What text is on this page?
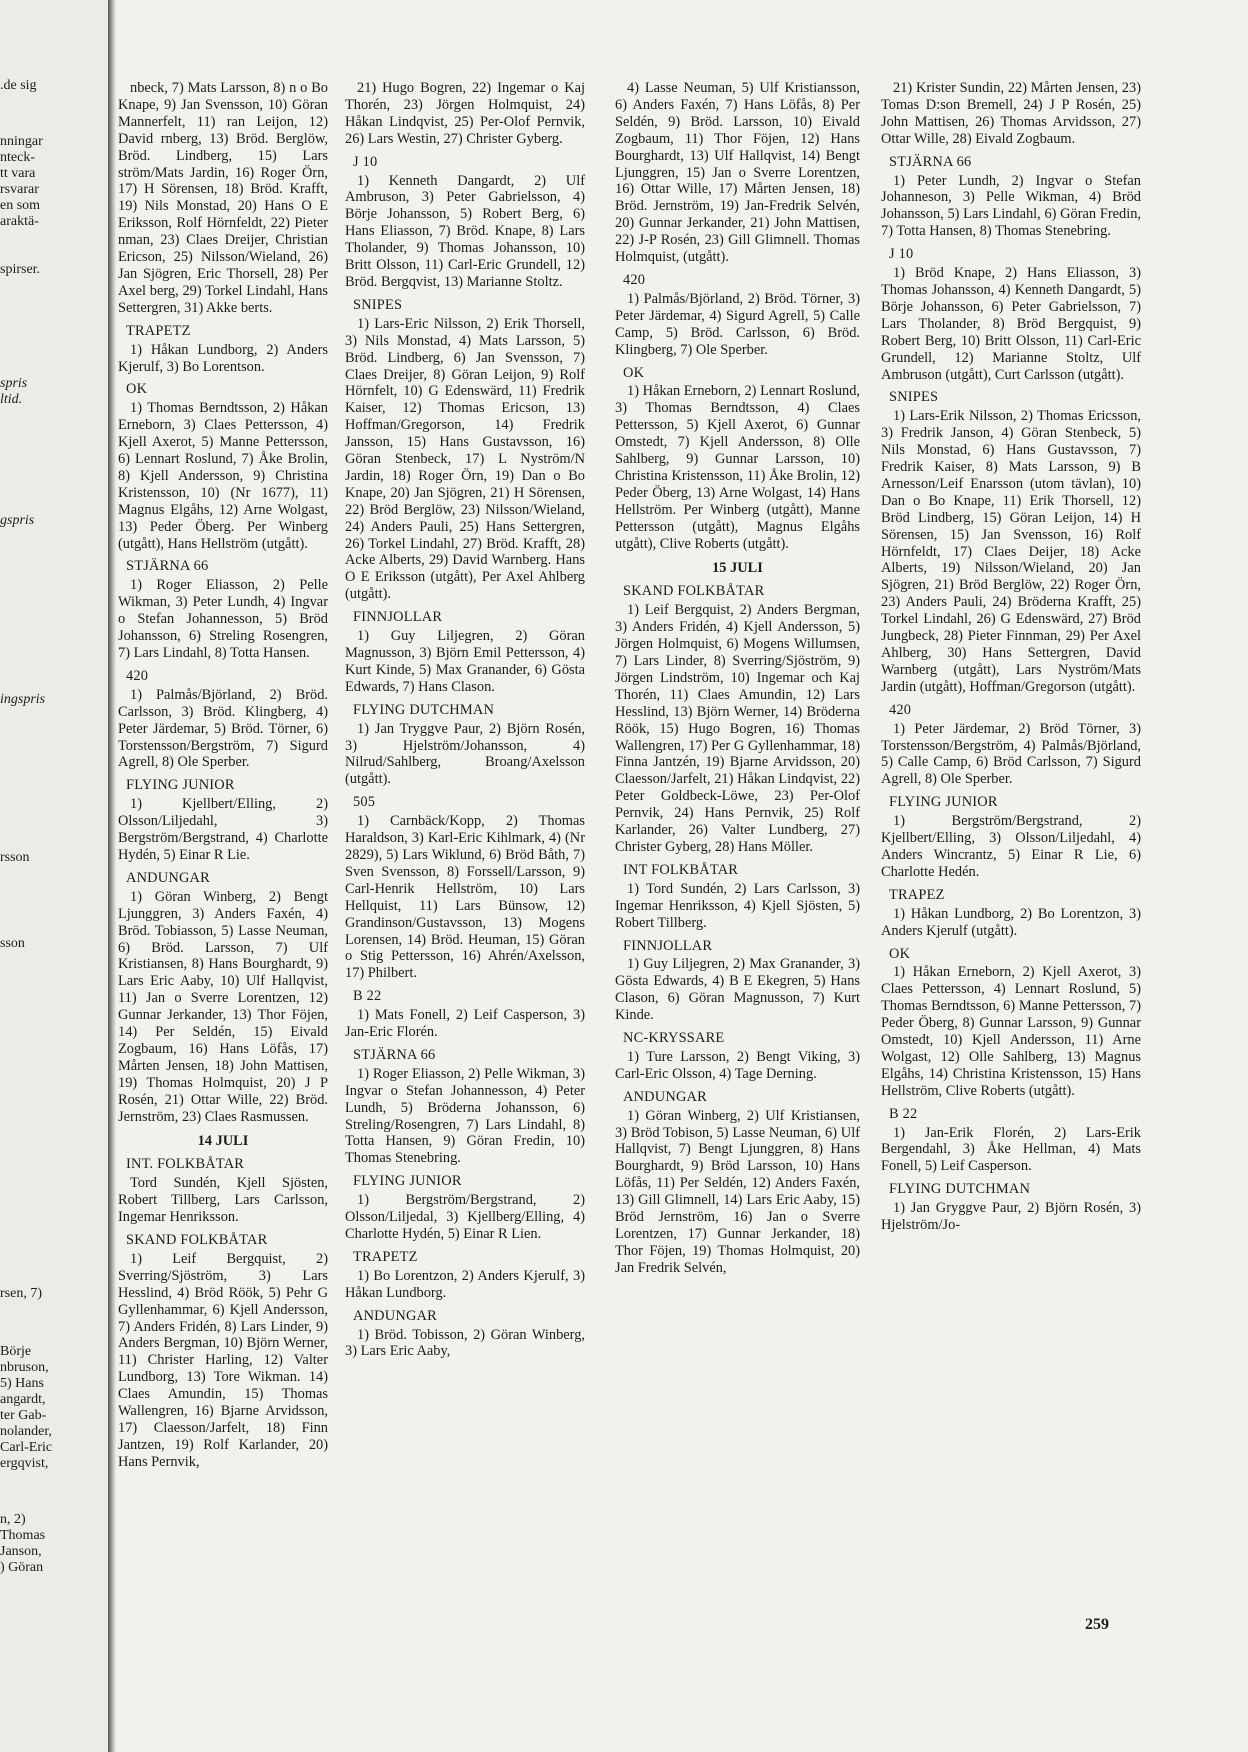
.de sig
nningar
nteck-
tt vara
rsvarar
en som
araktä-
spirser.
spris
ltid.
gspris
ingspris
rsson
sson
rsen, 7)
Börje
nbruson,
5) Hans
angardt,
ter Gab-
nolander,
Carl-Eric
ergqvist,
n, 2)
Thomas
Janson,
) Göran
nbeck, 7) Mats Larsson, 8) n o Bo Knape, 9) Jan Svensson, 10) Göran Mannerfelt, 11) ran Leijon, 12) David rnberg, 13) Bröd. Berglöw, Bröd. Lindberg, 15) Lars ström/Mats Jardin, 16) Roger Örn, 17) H Sörensen, 18) Bröd. Krafft, 19) Nils Monstad, 20) Hans O E Eriksson, Rolf Hörnfeldt, 22) Pieter nman, 23) Claes Dreijer, Christian Ericson, 25) Nilsson/Wieland, 26) Jan Sjögren, Eric Thorsell, 28) Per Axel berg, 29) Torkel Lindahl, Hans Settergren, 31) Akke berts.
TRAPETZ
1) Håkan Lundborg, 2) Anders Kjerulf, 3) Bo Lorentson.
OK
1) Thomas Berndtsson, 2) Håkan Erneborn, 3) Claes Pettersson, 4) Kjell Axerot, 5) Manne Pettersson, 6) Lennart Roslund, 7) Åke Brolin, 8) Kjell Andersson, 9) Christina Kristensson, 10) (Nr 1677), 11) Magnus Elgåhs, 12) Arne Wolgast, 13) Peder Öberg. Per Winberg (utgått), Hans Hellström (utgått).
STJÄRNA 66
1) Roger Eliasson, 2) Pelle Wikman, 3) Peter Lundh, 4) Ingvar o Stefan Johannesson, 5) Bröd Johansson, 6) Streling Rosengren, 7) Lars Lindahl, 8) Totta Hansen.
420
1) Palmås/Björland, 2) Bröd. Carlsson, 3) Bröd. Klingberg, 4) Peter Järdemar, 5) Bröd. Törner, 6) Torstensson/Bergström, 7) Sigurd Agrell, 8) Ole Sperber.
FLYING JUNIOR
1) Kjellbert/Elling, 2) Olsson/Liljedahl, 3) Bergström/Bergstrand, 4) Charlotte Hydén, 5) Einar R Lie.
ANDUNGAR
1) Göran Winberg, 2) Bengt Ljunggren, 3) Anders Faxén, 4) Bröd. Tobiasson, 5) Lasse Neuman, 6) Bröd. Larsson, 7) Ulf Kristiansen, 8) Hans Bourghardt, 9) Lars Eric Aaby, 10) Ulf Hallqvist, 11) Jan o Sverre Lorentzen, 12) Gunnar Jerkander, 13) Thor Föjen, 14) Per Seldén, 15) Eivald Zogbaum, 16) Hans Löfås, 17) Mårten Jensen, 18) John Mattisen, 19) Thomas Holmquist, 20) J P Rosén, 21) Ottar Wille, 22) Bröd. Jernström, 23) Claes Rasmussen.
14 JULI
INT. FOLKBÅTAR
Tord Sundén, Kjell Sjösten, Robert Tillberg, Lars Carlsson, Ingemar Henriksson.
SKAND FOLKBÅTAR
1) Leif Bergquist, 2) Sverring/Sjöström, 3) Lars Hesslind, 4) Bröd Röök, 5) Pehr G Gyllenhammar, 6) Kjell Andersson, 7) Anders Fridén, 8) Lars Linder, 9) Anders Bergman, 10) Björn Werner, 11) Christer Harling, 12) Valter Lundborg, 13) Tore Wikman. 14) Claes Amundin, 15) Thomas Wallengren, 16) Bjarne Arvidsson, 17) Claesson/Jarfelt, 18) Finn Jantzen, 19) Rolf Karlander, 20) Hans Pernvik,
21) Hugo Bogren, 22) Ingemar o Kaj Thorén, 23) Jörgen Holmquist, 24) Håkan Lindqvist, 25) Per-Olof Pernvik, 26) Lars Westin, 27) Christer Gyberg.
J 10
1) Kenneth Dangardt, 2) Ulf Ambruson, 3) Peter Gabrielsson, 4) Börje Johansson, 5) Robert Berg, 6) Hans Eliasson, 7) Bröd. Knape, 8) Lars Tholander, 9) Thomas Johansson, 10) Britt Olsson, 11) Carl-Eric Grundell, 12) Bröd. Bergqvist, 13) Marianne Stoltz.
SNIPES
1) Lars-Eric Nilsson, 2) Erik Thorsell, 3) Nils Monstad, 4) Mats Larsson, 5) Bröd. Lindberg, 6) Jan Svensson, 7) Claes Dreijer, 8) Göran Leijon, 9) Rolf Hörnfelt, 10) G Edenswärd, 11) Fredrik Kaiser, 12) Thomas Ericson, 13) Hoffman/Gregorson, 14) Fredrik Jansson, 15) Hans Gustavsson, 16) Göran Stenbeck, 17) L Nyström/N Jardin, 18) Roger Örn, 19) Dan o Bo Knape, 20) Jan Sjögren, 21) H Sörensen, 22) Bröd Berglöw, 23) Nilsson/Wieland, 24) Anders Pauli, 25) Hans Settergren, 26) Torkel Lindahl, 27) Bröd. Krafft, 28) Acke Alberts, 29) David Warnberg. Hans O E Eriksson (utgått), Per Axel Ahlberg (utgått).
FINNJOLLAR
1) Guy Liljegren, 2) Göran Magnusson, 3) Björn Emil Pettersson, 4) Kurt Kinde, 5) Max Granander, 6) Gösta Edwards, 7) Hans Clason.
FLYING DUTCHMAN
1) Jan Tryggve Paur, 2) Björn Rosén, 3) Hjelström/Johansson, 4) Nilrud/Sahlberg, Broang/Axelsson (utgått).
505
1) Carnbäck/Kopp, 2) Thomas Haraldson, 3) Karl-Eric Kihlmark, 4) (Nr 2829), 5) Lars Wiklund, 6) Bröd Båth, 7) Sven Svensson, 8) Forssell/Larsson, 9) Carl-Henrik Hellström, 10) Lars Hellquist, 11) Lars Bünsow, 12) Grandinson/Gustavsson, 13) Mogens Lorensen, 14) Bröd. Heuman, 15) Göran o Stig Pettersson, 16) Ahrén/Axelsson, 17) Philbert.
B 22
1) Mats Fonell, 2) Leif Casperson, 3) Jan-Eric Florén.
STJÄRNA 66
1) Roger Eliasson, 2) Pelle Wikman, 3) Ingvar o Stefan Johannesson, 4) Peter Lundh, 5) Bröderna Johansson, 6) Streling/Rosengren, 7) Lars Lindahl, 8) Totta Hansen, 9) Göran Fredin, 10) Thomas Stenebring.
FLYING JUNIOR
1) Bergström/Bergstrand, 2) Olsson/Liljedal, 3) Kjellberg/Elling, 4) Charlotte Hydén, 5) Einar R Lien.
TRAPETZ
1) Bo Lorentzon, 2) Anders Kjerulf, 3) Håkan Lundborg.
ANDUNGAR
1) Bröd. Tobisson, 2) Göran Winberg, 3) Lars Eric Aaby,
4) Lasse Neuman, 5) Ulf Kristiansson, 6) Anders Faxén, 7) Hans Löfås, 8) Per Seldén, 9) Bröd. Larsson, 10) Eivald Zogbaum, 11) Thor Föjen, 12) Hans Bourghardt, 13) Ulf Hallqvist, 14) Bengt Ljunggren, 15) Jan o Sverre Lorentzen, 16) Ottar Wille, 17) Mårten Jensen, 18) Bröd. Jernström, 19) Jan-Fredrik Selvén, 20) Gunnar Jerkander, 21) John Mattisen, 22) J-P Rosén, 23) Gill Glimnell. Thomas Holmquist, (utgått).
420
1) Palmås/Björland, 2) Bröd. Törner, 3) Peter Järdemar, 4) Sigurd Agrell, 5) Calle Camp, 5) Bröd. Carlsson, 6) Bröd. Klingberg, 7) Ole Sperber.
OK
1) Håkan Erneborn, 2) Lennart Roslund, 3) Thomas Berndtsson, 4) Claes Pettersson, 5) Kjell Axerot, 6) Gunnar Omstedt, 7) Kjell Andersson, 8) Olle Sahlberg, 9) Gunnar Larsson, 10) Christina Kristensson, 11) Åke Brolin, 12) Peder Öberg, 13) Arne Wolgast, 14) Hans Hellström. Per Winberg (utgått), Manne Pettersson (utgått), Magnus Elgåhs utgått), Clive Roberts (utgått).
15 JULI
SKAND FOLKBÅTAR
1) Leif Bergquist, 2) Anders Bergman, 3) Anders Fridén, 4) Kjell Andersson, 5) Jörgen Holmquist, 6) Mogens Willumsen, 7) Lars Linder, 8) Sverring/Sjöström, 9) Jörgen Lindström, 10) Ingemar och Kaj Thorén, 11) Claes Amundin, 12) Lars Hesslind, 13) Björn Werner, 14) Bröderna Röök, 15) Hugo Bogren, 16) Thomas Wallengren, 17) Per G Gyllenhammar, 18) Finna Jantzén, 19) Bjarne Arvidsson, 20) Claesson/Jarfelt, 21) Håkan Lindqvist, 22) Peter Goldbeck-Löwe, 23) Per-Olof Pernvik, 24) Hans Pernvik, 25) Rolf Karlander, 26) Valter Lundberg, 27) Christer Gyberg, 28) Hans Möller.
INT FOLKBÅTAR
1) Tord Sundén, 2) Lars Carlsson, 3) Ingemar Henriksson, 4) Kjell Sjösten, 5) Robert Tillberg.
FINNJOLLAR
1) Guy Liljegren, 2) Max Granander, 3) Gösta Edwards, 4) B E Ekegren, 5) Hans Clason, 6) Göran Magnusson, 7) Kurt Kinde.
NC-KRYSSARE
1) Ture Larsson, 2) Bengt Viking, 3) Carl-Eric Olsson, 4) Tage Derning.
ANDUNGAR
1) Göran Winberg, 2) Ulf Kristiansen, 3) Bröd Tobison, 5) Lasse Neuman, 6) Ulf Hallqvist, 7) Bengt Ljunggren, 8) Hans Bourghardt, 9) Bröd Larsson, 10) Hans Löfås, 11) Per Seldén, 12) Anders Faxén, 13) Gill Glimnell, 14) Lars Eric Aaby, 15) Bröd Jernström, 16) Jan o Sverre Lorentzen, 17) Gunnar Jerkander, 18) Thor Föjen, 19) Thomas Holmquist, 20) Jan Fredrik Selvén,
21) Krister Sundin, 22) Mårten Jensen, 23) Tomas D:son Bremell, 24) J P Rosén, 25) John Mattisen, 26) Thomas Arvidsson, 27) Ottar Wille, 28) Eivald Zogbaum.
STJÄRNA 66
1) Peter Lundh, 2) Ingvar o Stefan Johanneson, 3) Pelle Wikman, 4) Bröd Johansson, 5) Lars Lindahl, 6) Göran Fredin, 7) Totta Hansen, 8) Thomas Stenebring.
J 10
1) Bröd Knape, 2) Hans Eliasson, 3) Thomas Johansson, 4) Kenneth Dangardt, 5) Börje Johansson, 6) Peter Gabrielsson, 7) Lars Tholander, 8) Bröd Bergquist, 9) Robert Berg, 10) Britt Olsson, 11) Carl-Eric Grundell, 12) Marianne Stoltz, Ulf Ambruson (utgått), Curt Carlsson (utgått).
SNIPES
1) Lars-Erik Nilsson, 2) Thomas Ericsson, 3) Fredrik Janson, 4) Göran Stenbeck, 5) Nils Monstad, 6) Hans Gustavsson, 7) Fredrik Kaiser, 8) Mats Larsson, 9) B Arnesson/Leif Enarsson (utom tävlan), 10) Dan o Bo Knape, 11) Erik Thorsell, 12) Bröd Lindberg, 15) Göran Leijon, 14) H Sörensen, 15) Jan Svensson, 16) Rolf Hörnfeldt, 17) Claes Deijer, 18) Acke Alberts, 19) Nilsson/Wieland, 20) Jan Sjögren, 21) Bröd Berglöw, 22) Roger Örn, 23) Anders Pauli, 24) Bröderna Krafft, 25) Torkel Lindahl, 26) G Edenswärd, 27) Bröd Jungbeck, 28) Pieter Finnman, 29) Per Axel Ahlberg, 30) Hans Settergren, David Warnberg (utgått), Lars Nyström/Mats Jardin (utgått), Hoffman/Gregorson (utgått).
420
1) Peter Järdemar, 2) Bröd Törner, 3) Torstensson/Bergström, 4) Palmås/Björland, 5) Calle Camp, 6) Bröd Carlsson, 7) Sigurd Agrell, 8) Ole Sperber.
FLYING JUNIOR
1) Bergström/Bergstrand, 2) Kjellbert/Elling, 3) Olsson/Liljedahl, 4) Anders Wincrantz, 5) Einar R Lie, 6) Charlotte Hedén.
TRAPEZ
1) Håkan Lundborg, 2) Bo Lorentzon, 3) Anders Kjerulf (utgått).
OK
1) Håkan Erneborn, 2) Kjell Axerot, 3) Claes Pettersson, 4) Lennart Roslund, 5) Thomas Berndtsson, 6) Manne Pettersson, 7) Peder Öberg, 8) Gunnar Larsson, 9) Gunnar Omstedt, 10) Kjell Andersson, 11) Arne Wolgast, 12) Olle Sahlberg, 13) Magnus Elgåhs, 14) Christina Kristensson, 15) Hans Hellström, Clive Roberts (utgått).
B 22
1) Jan-Erik Florén, 2) Lars-Erik Bergendahl, 3) Åke Hellman, 4) Mats Fonell, 5) Leif Casperson.
FLYING DUTCHMAN
1) Jan Gryggve Paur, 2) Björn Rosén, 3) Hjelström/Jo-
259
